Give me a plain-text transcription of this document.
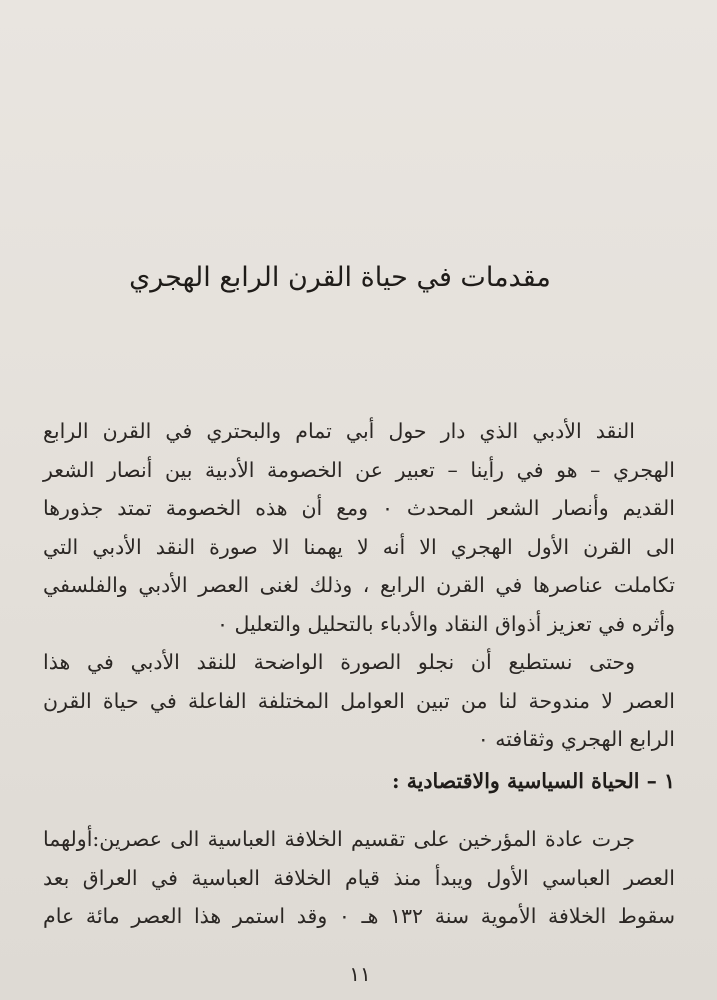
مقدمات في حياة القرن الرابع الهجري
النقد الأدبي الذي دار حول أبي تمام والبحتري في القرن الرابع
الهجري – هو في رأينا – تعبير عن الخصومة الأدبية بين أنصار الشعر
القديم وأنصار الشعر المحدث ٠ ومع أن هذه الخصومة تمتد جذورها
الى القرن الأول الهجري الا أنه لا يهمنا الا صورة النقد الأدبي التي
تكاملت عناصرها في القرن الرابع ، وذلك لغنى العصر الأدبي والفلسفي
وأثره في تعزيز أذواق النقاد والأدباء بالتحليل والتعليل ٠
وحتى نستطيع أن نجلو الصورة الواضحة للنقد الأدبي في هذا
العصر لا مندوحة لنا من تبين العوامل المختلفة الفاعلة في حياة القرن
الرابع الهجري وثقافته ٠
١ – الحياة السياسية والاقتصادية :
جرت عادة المؤرخين على تقسيم الخلافة العباسية الى عصرين:أولهما
العصر العباسي الأول ويبدأ منذ قيام الخلافة العباسية في العراق بعد
سقوط الخلافة الأموية سنة ١٣٢ هـ ٠ وقد استمر هذا العصر مائة عام
١١
